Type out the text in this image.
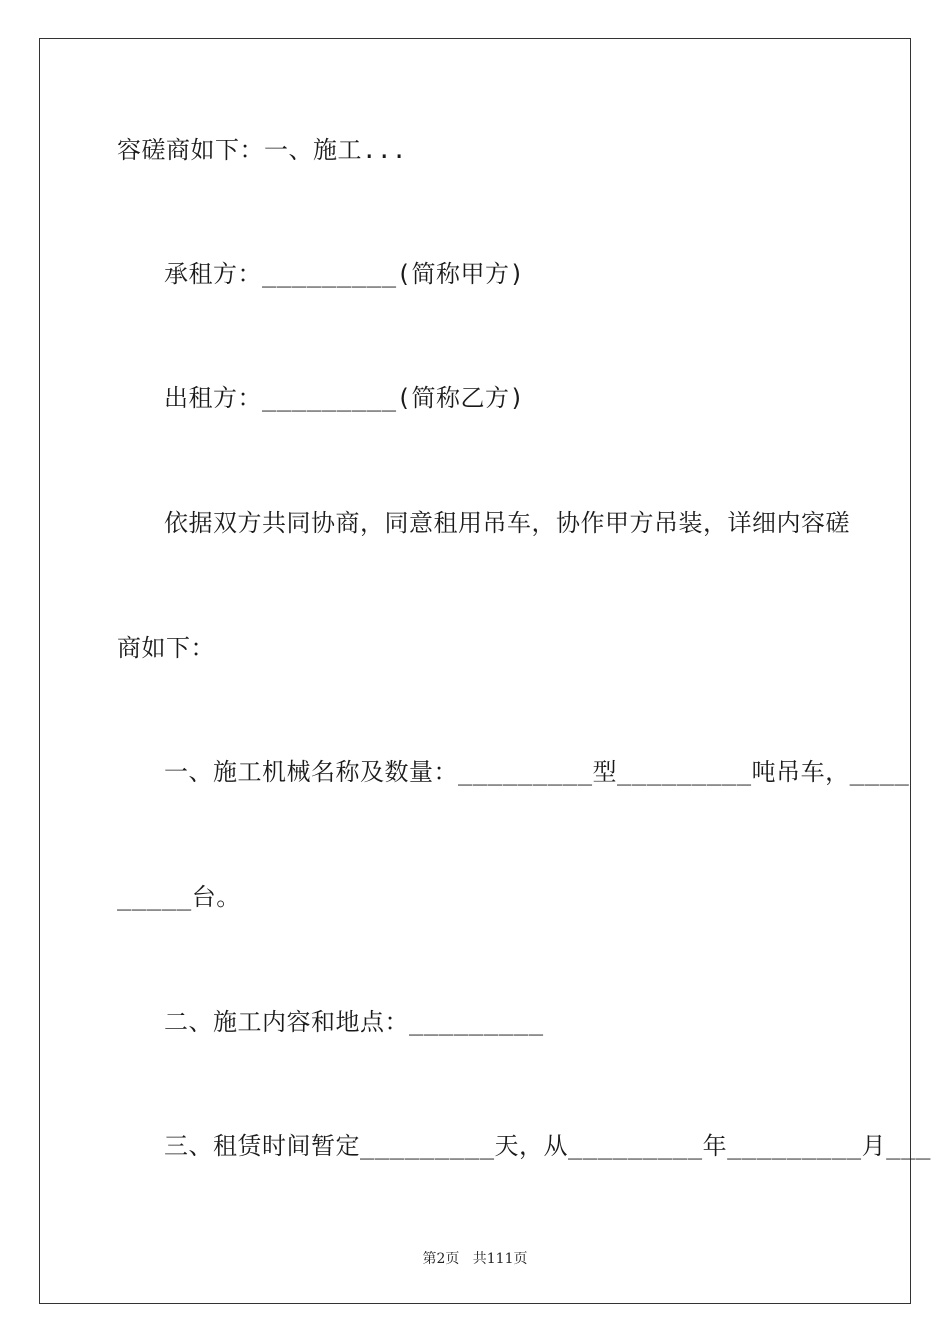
容磋商如下：一、施工...
承租方：_________(简称甲方)
出租方：_________(简称乙方)
依据双方共同协商，同意租用吊车，协作甲方吊装，详细内容磋
商如下：
一、施工机械名称及数量：_________型_________吨吊车，____
_____台。
二、施工内容和地点：_________
三、租赁时间暂定_________天，从_________年_________月___
第2页 共111页
